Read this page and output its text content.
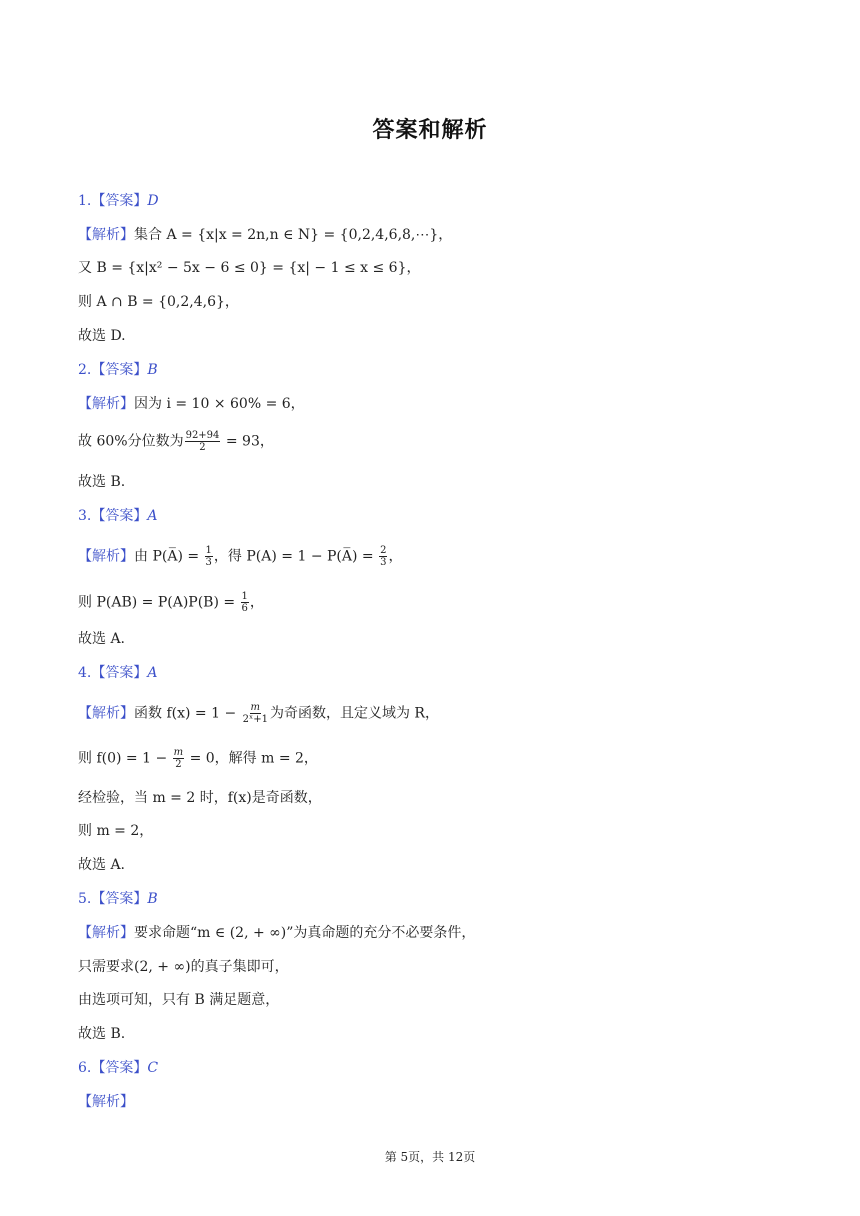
答案和解析
1.【答案】D
【解析】集合 A = {x|x = 2n,n ∈ N} = {0,2,4,6,8,⋯}，
又 B = {x|x² − 5x − 6 ≤ 0} = {x| − 1 ≤ x ≤ 6}，
则 A ∩ B = {0,2,4,6}，
故选 D.
2.【答案】B
【解析】因为 i = 10 × 60% = 6，
故 60%分位数为 $\frac{92+94}{2} = 93$，
故选 B.
3.【答案】A
【解析】由 P(A̅) = $\frac{1}{3}$ ，得 P(A) = 1 − P(A̅) = $\frac{2}{3}$ ，
则 $P(AB) = P(A)P(B) = \frac{1}{6}$ ，
故选 A.
4.【答案】A
【解析】函数 $f(x) = 1 - \frac{m}{\text{2ˣ+1}}$ 为奇函数，且定义域为 R，
则 $f(0) = 1 - \frac{m}{2} = 0$，解得 m = 2，
经检验，当 m = 2 时，f(x)是奇函数，
则 m = 2，
故选 A.
5.【答案】B
【解析】要求命题“m ∈ (2, + ∞)”为真命题的充分不必要条件，
只需要求(2, + ∞)的真子集即可，
由选项可知，只有 B 满足题意，
故选 B.
6.【答案】C
【解析】
第 5页，共 12页
